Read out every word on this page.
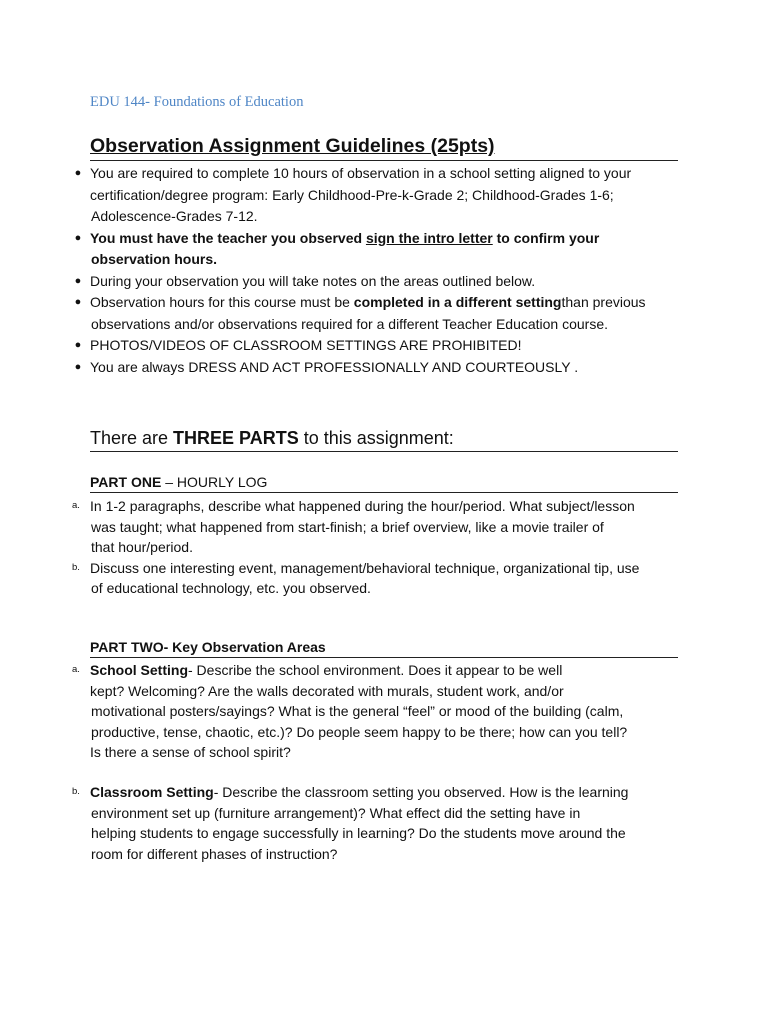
EDU 144- Foundations of Education
Observation Assignment Guidelines (25pts)
● You are required to complete 10 hours of observation in a school setting aligned to your
certification/degree program: Early Childhood-Pre-k-Grade 2; Childhood-Grades 1-6;
Adolescence-Grades 7-12.
● You must have the teacher you observed sign the intro letter to confirm your
observation hours.
● During your observation you will take notes on the areas outlined below.
● Observation hours for this course must be completed in a different settingthan previous
observations and/or observations required for a different Teacher Education course.
● PHOTOS/VIDEOS OF CLASSROOM SETTINGS ARE PROHIBITED!
● You are always DRESS AND ACT PROFESSIONALLY AND COURTEOUSLY .
There are THREE PARTS to this assignment:
PART ONE – HOURLY LOG
a. In 1-2 paragraphs, describe what happened during the hour/period. What subject/lesson
was taught; what happened from start-finish; a brief overview, like a movie trailer of
that hour/period.
b. Discuss one interesting event, management/behavioral technique, organizational tip, use
of educational technology, etc. you observed.
PART TWO- Key Observation Areas
a. School Setting- Describe the school environment. Does it appear to be well
kept? Welcoming? Are the walls decorated with murals, student work, and/or
motivational posters/sayings? What is the general “feel” or mood of the building (calm,
productive, tense, chaotic, etc.)? Do people seem happy to be there; how can you tell?
Is there a sense of school spirit?
b. Classroom Setting- Describe the classroom setting you observed. How is the learning
environment set up (furniture arrangement)? What effect did the setting have in
helping students to engage successfully in learning? Do the students move around the
room for different phases of instruction?
